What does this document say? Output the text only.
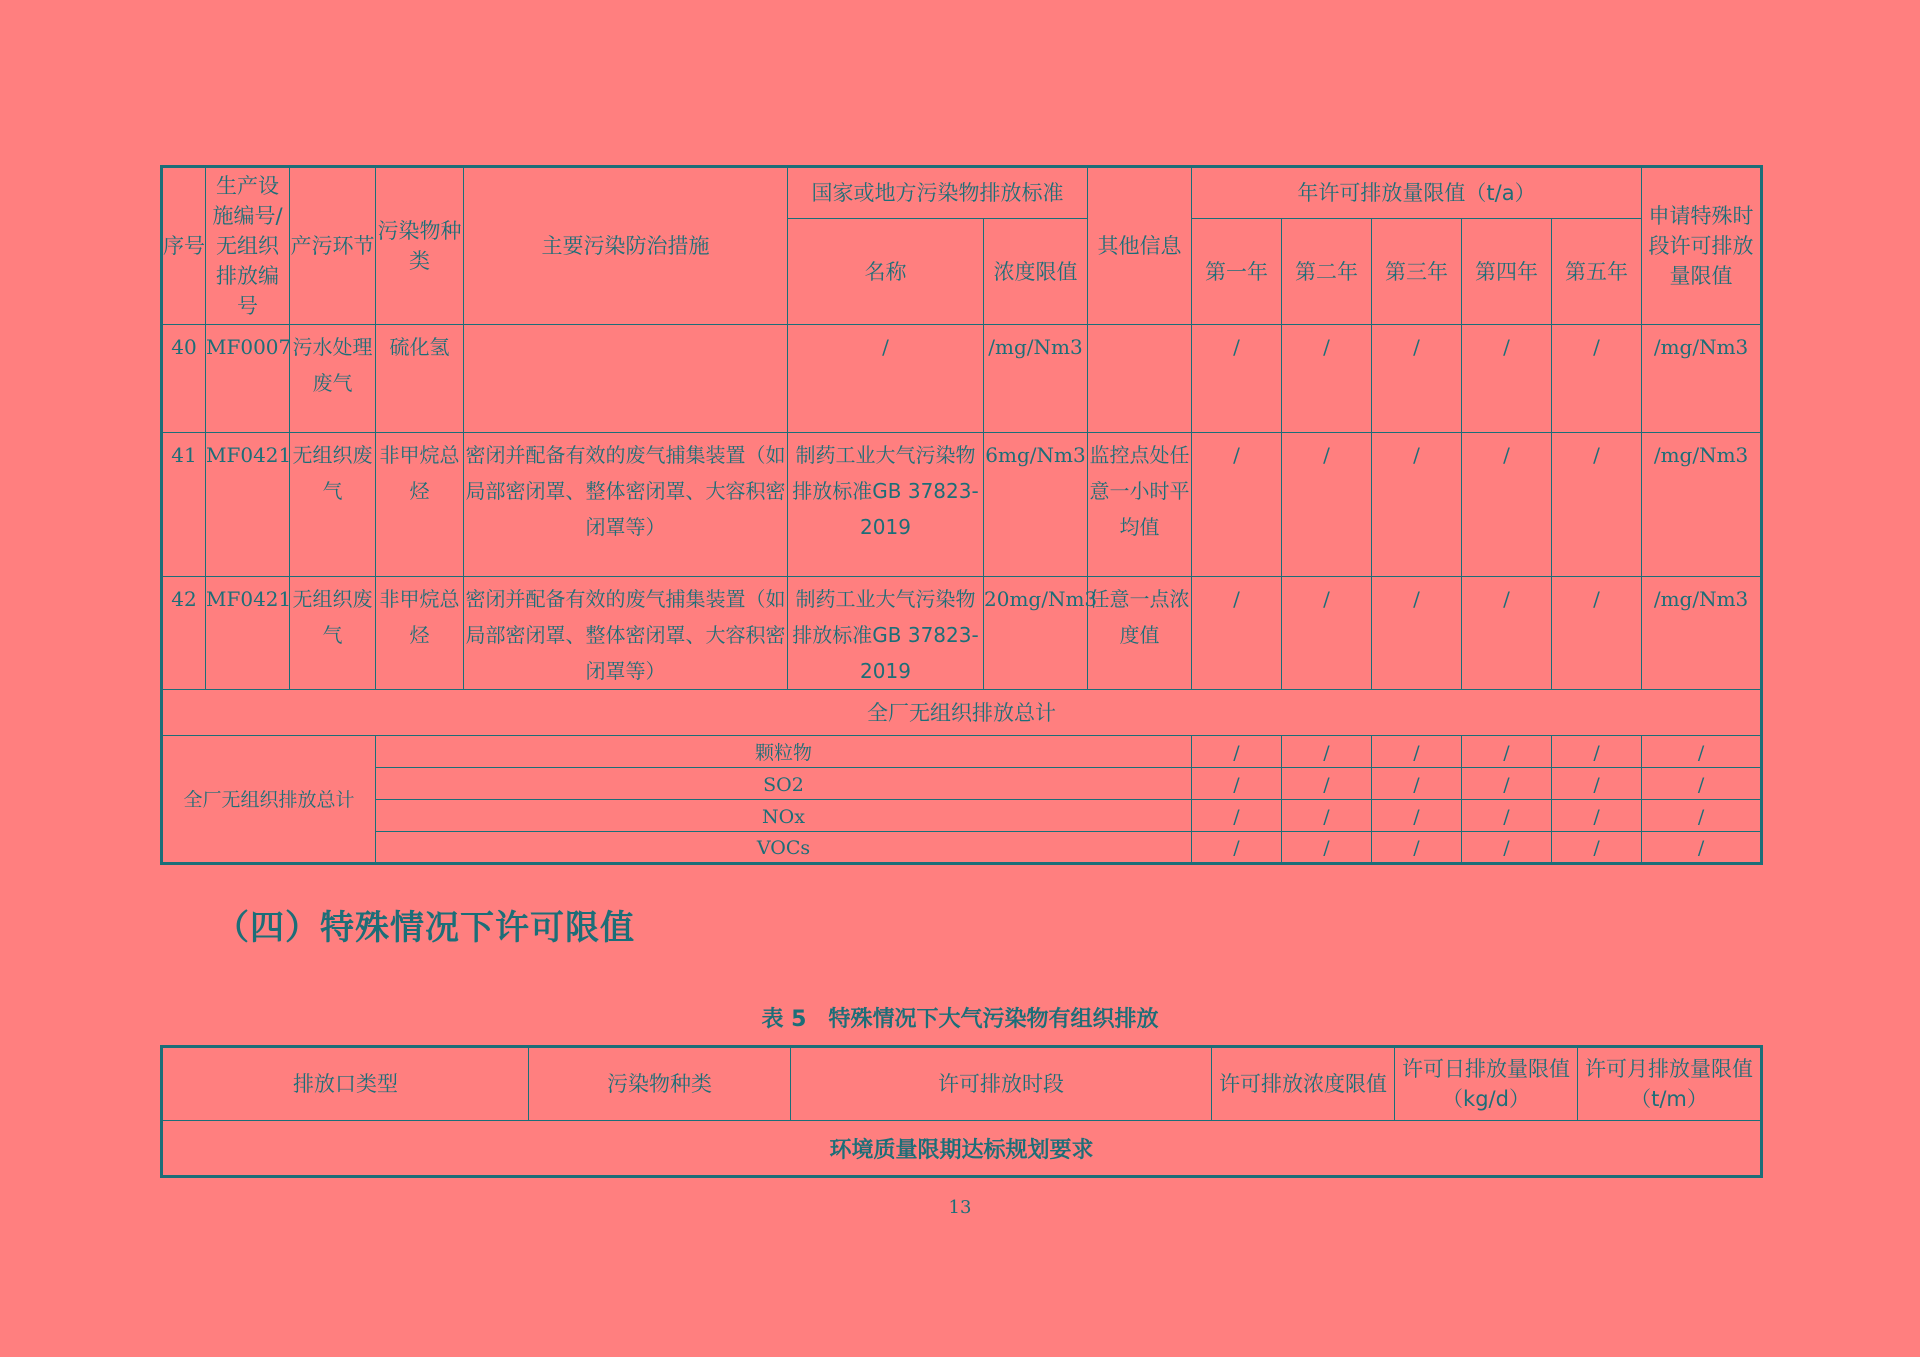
序号	生产设施编号/无组织排放编号	产污环节	污染物种类	主要污染防治措施	国家或地方污染物排放标准		其他信息	年许可排放量限值（t/a）					申请特殊时段许可排放量限值
					名称	浓度限值		第一年	第二年	第三年	第四年	第五年	
40	MF0007	污水处理废气	硫化氢		/	/mg/Nm3		/	/	/	/	/	/mg/Nm3
41	MF0421	无组织废气	非甲烷总烃	密闭并配备有效的废气捕集装置（如局部密闭罩、整体密闭罩、大容积密闭罩等）	制药工业大气污染物排放标准GB 37823-2019	6mg/Nm3	监控点处任意一小时平均值	/	/	/	/	/	/mg/Nm3
42	MF0421	无组织废气	非甲烷总烃	密闭并配备有效的废气捕集装置（如局部密闭罩、整体密闭罩、大容积密闭罩等）	制药工业大气污染物排放标准GB 37823-2019	20mg/Nm3	任意一点浓度值	/	/	/	/	/	/mg/Nm3
全厂无组织排放总计													
全厂无组织排放总计			颗粒物					/	/	/	/	/	/
			SO2					/	/	/	/	/	/
			NOx					/	/	/	/	/	/
			VOCs					/	/	/	/	/	/
（四）特殊情况下许可限值
表 5　特殊情况下大气污染物有组织排放
排放口类型	污染物种类	许可排放时段	许可排放浓度限值	许可日排放量限值（kg/d）	许可月排放量限值（t/m）
环境质量限期达标规划要求
13
